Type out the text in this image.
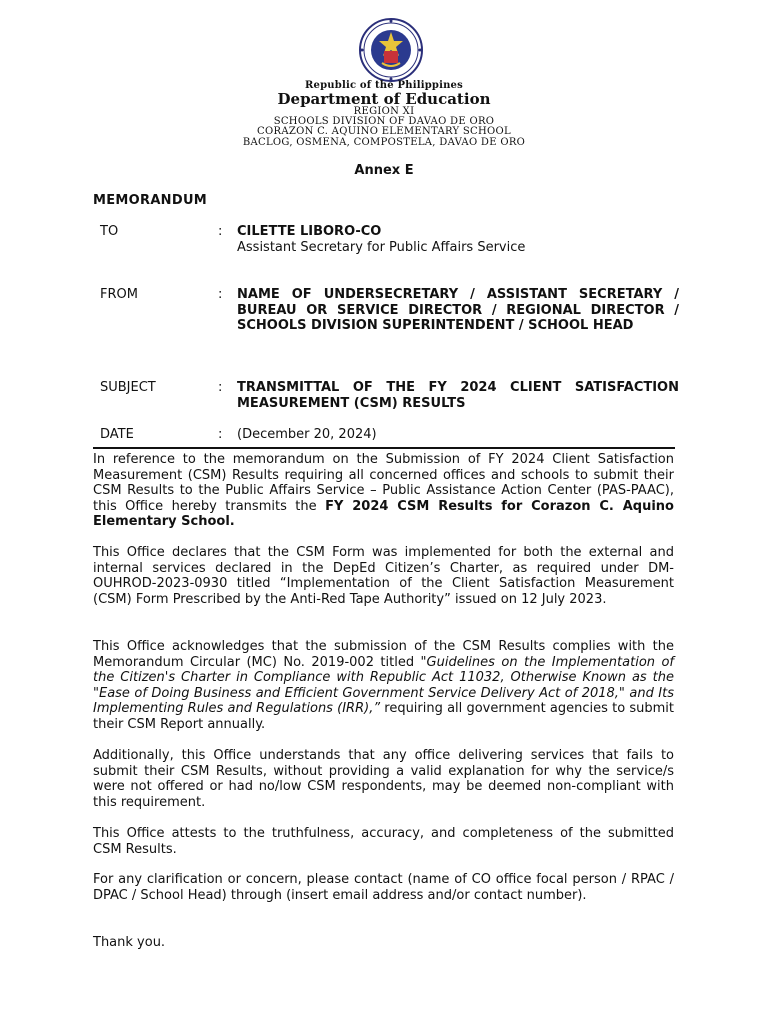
Republic of the Philippines
Department of Education
REGION XI
SCHOOLS DIVISION OF DAVAO DE ORO
CORAZON C. AQUINO ELEMENTARY SCHOOL
BACLOG, OSMENA, COMPOSTELA, DAVAO DE ORO
Annex E
MEMORANDUM
TO	: CILETTE LIBORO-CO
Assistant Secretary for Public Affairs Service
FROM	: NAME OF UNDERSECRETARY / ASSISTANT SECRETARY / BUREAU OR SERVICE DIRECTOR / REGIONAL DIRECTOR / SCHOOLS DIVISION SUPERINTENDENT / SCHOOL HEAD
SUBJECT	: TRANSMITTAL OF THE FY 2024 CLIENT SATISFACTION MEASUREMENT (CSM) RESULTS
DATE	: (December 20, 2024)

In reference to the memorandum on the Submission of FY 2024 Client Satisfaction Measurement (CSM) Results requiring all concerned offices and schools to submit their CSM Results to the Public Affairs Service – Public Assistance Action Center (PAS-PAAC), this Office hereby transmits the FY 2024 CSM Results for Corazon C. Aquino Elementary School.

This Office declares that the CSM Form was implemented for both the external and internal services declared in the DepEd Citizen’s Charter, as required under DM-OUHROD-2023-0930 titled “Implementation of the Client Satisfaction Measurement (CSM) Form Prescribed by the Anti-Red Tape Authority” issued on 12 July 2023.

This Office acknowledges that the submission of the CSM Results complies with the Memorandum Circular (MC) No. 2019-002 titled "Guidelines on the Implementation of the Citizen's Charter in Compliance with Republic Act 11032, Otherwise Known as the "Ease of Doing Business and Efficient Government Service Delivery Act of 2018," and Its Implementing Rules and Regulations (IRR),” requiring all government agencies to submit their CSM Report annually.

Additionally, this Office understands that any office delivering services that fails to submit their CSM Results, without providing a valid explanation for why the service/s were not offered or had no/low CSM respondents, may be deemed non-compliant with this requirement.

This Office attests to the truthfulness, accuracy, and completeness of the submitted CSM Results.

For any clarification or concern, please contact (name of CO office focal person / RPAC / DPAC / School Head) through (insert email address and/or contact number).

Thank you.
